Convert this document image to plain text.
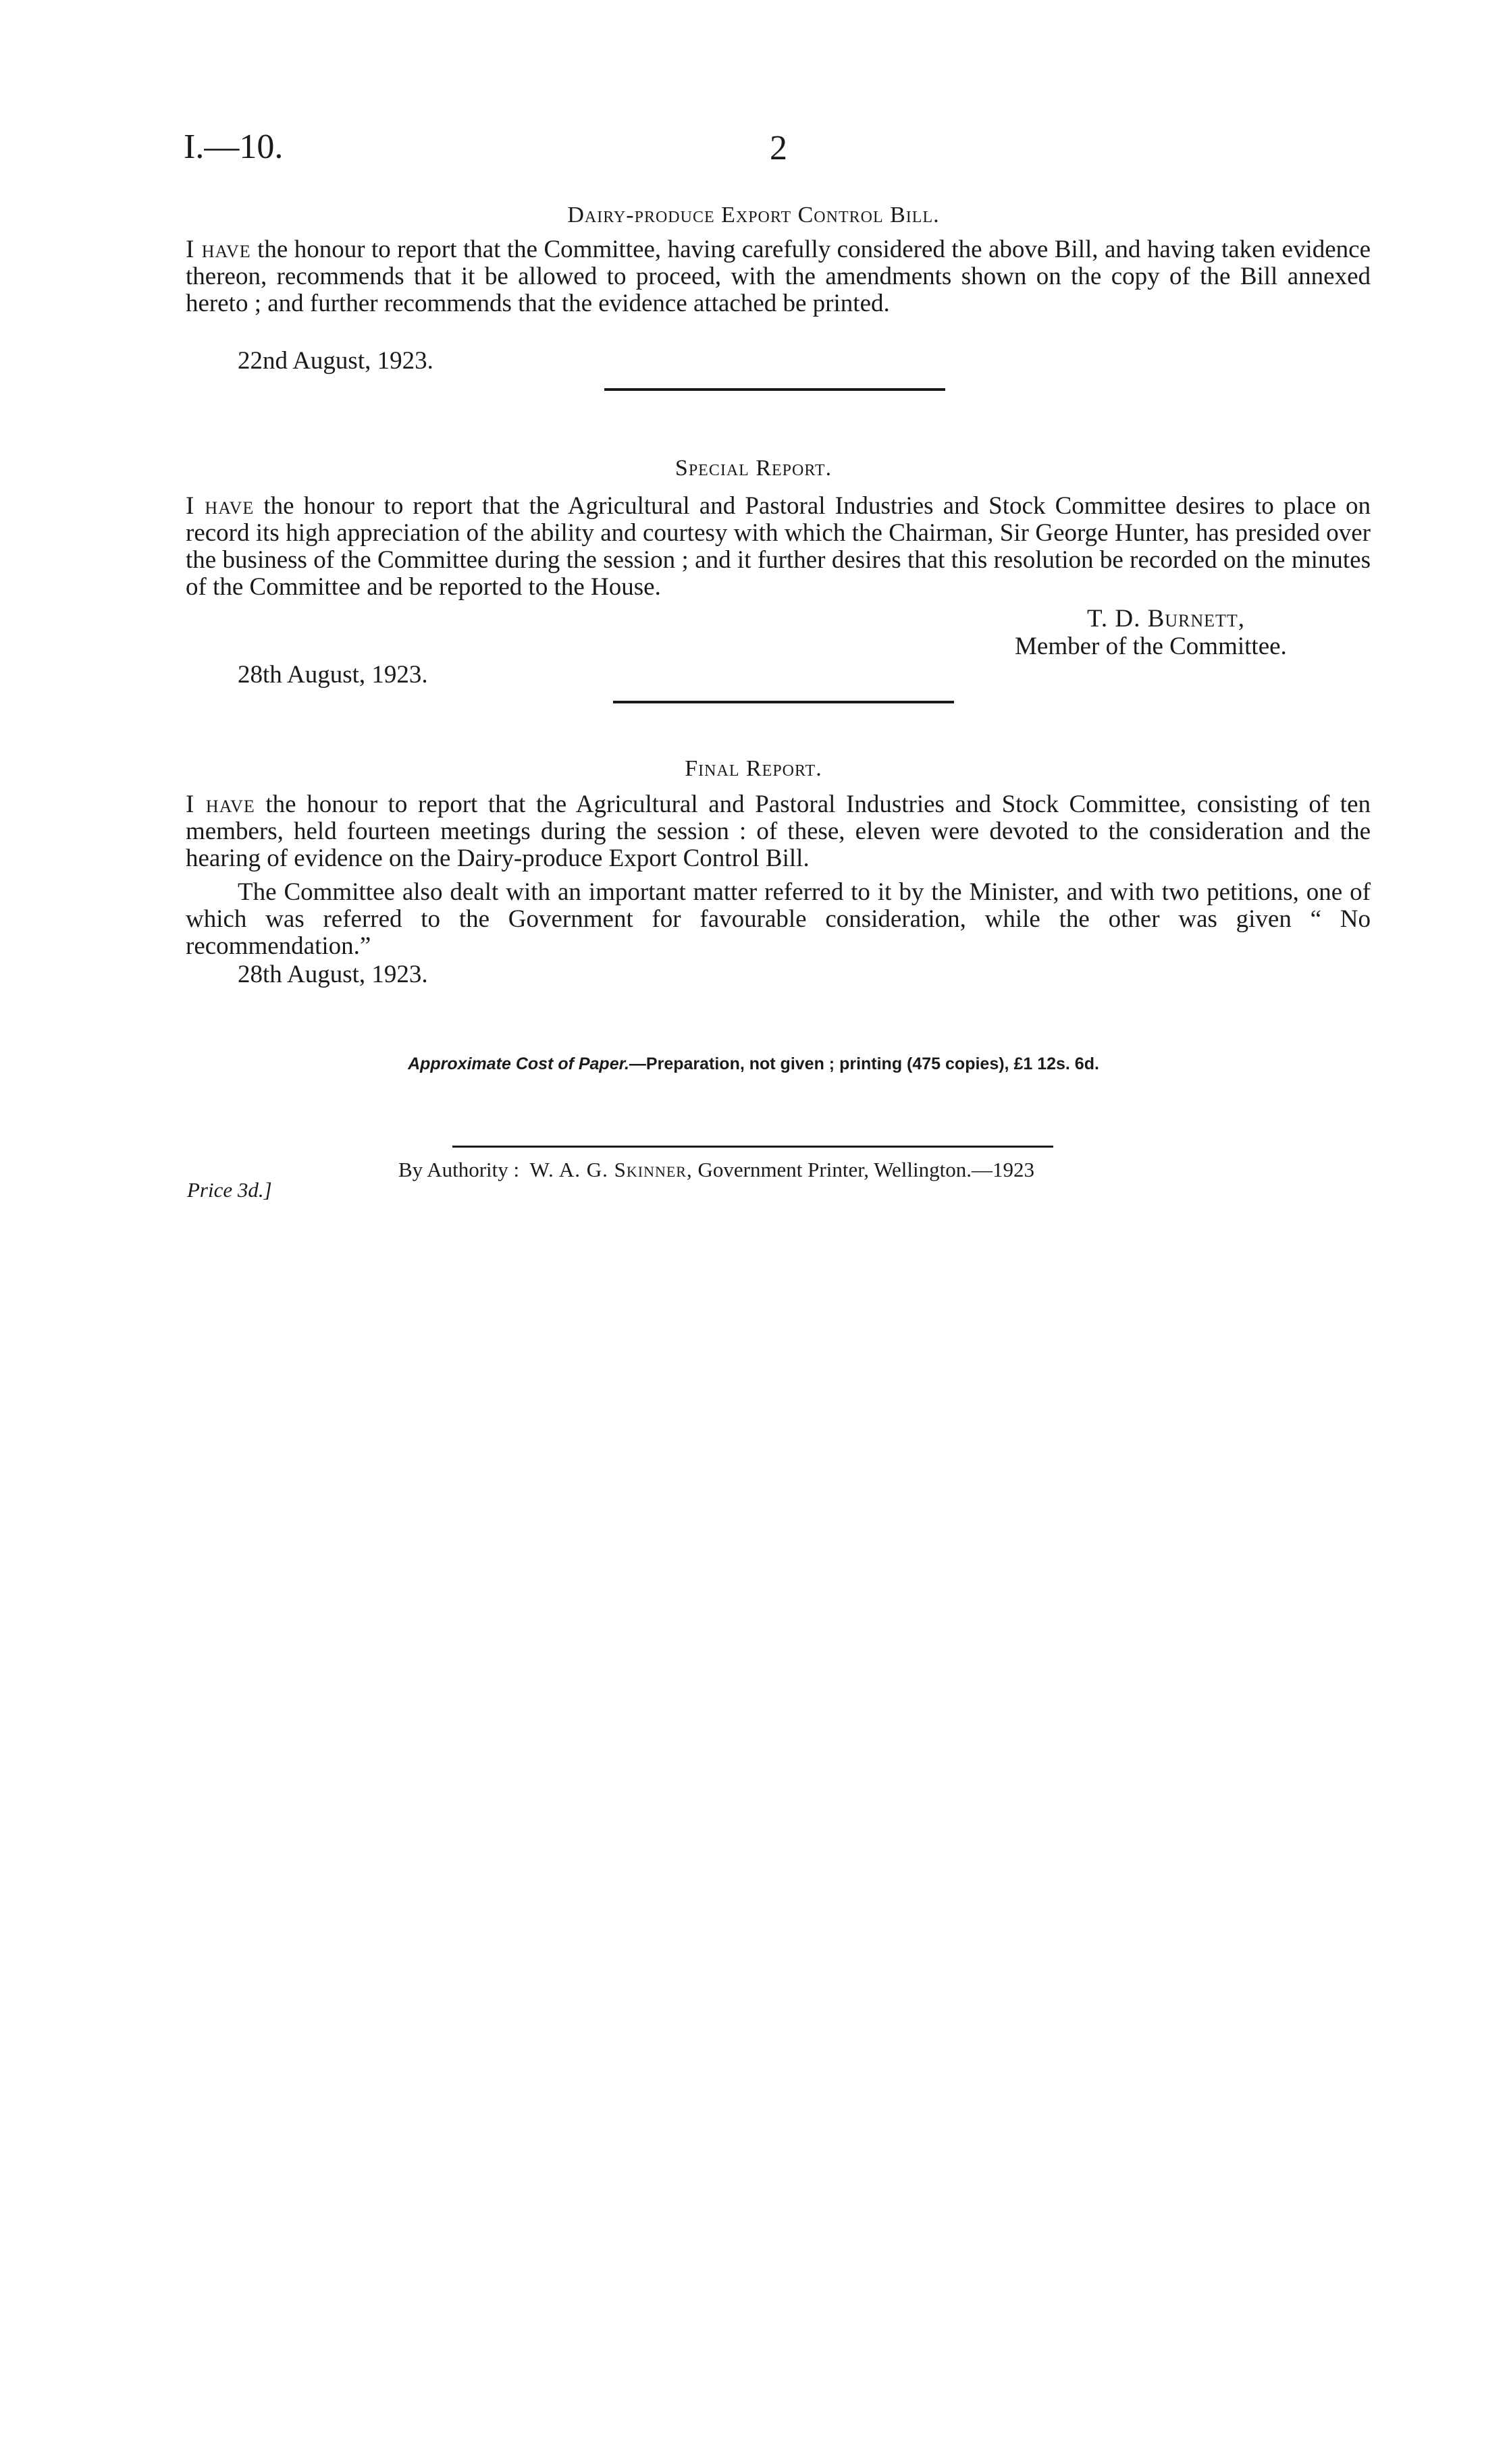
I.—10.	2
Dairy-produce Export Control Bill.
I have the honour to report that the Committee, having carefully considered the above Bill, and having taken evidence thereon, recommends that it be allowed to proceed, with the amendments shown on the copy of the Bill annexed hereto ; and further recommends that the evidence attached be printed.
22nd August, 1923.
Special Report.
I have the honour to report that the Agricultural and Pastoral Industries and Stock Committee desires to place on record its high appreciation of the ability and courtesy with which the Chairman, Sir George Hunter, has presided over the business of the Committee during the session ; and it further desires that this resolution be recorded on the minutes of the Committee and be reported to the House.
T. D. Burnett,
Member of the Committee.
28th August, 1923.
Final Report.
I have the honour to report that the Agricultural and Pastoral Industries and Stock Committee, consisting of ten members, held fourteen meetings during the session : of these, eleven were devoted to the consideration and the hearing of evidence on the Dairy-produce Export Control Bill.
The Committee also dealt with an important matter referred to it by the Minister, and with two petitions, one of which was referred to the Government for favourable consideration, while the other was given “ No recommendation.”
28th August, 1923.
Approximate Cost of Paper.—Preparation, not given ; printing (475 copies), £1 12s. 6d.
By Authority : W. A. G. Skinner, Government Printer, Wellington.—1923
Price 3d.]
